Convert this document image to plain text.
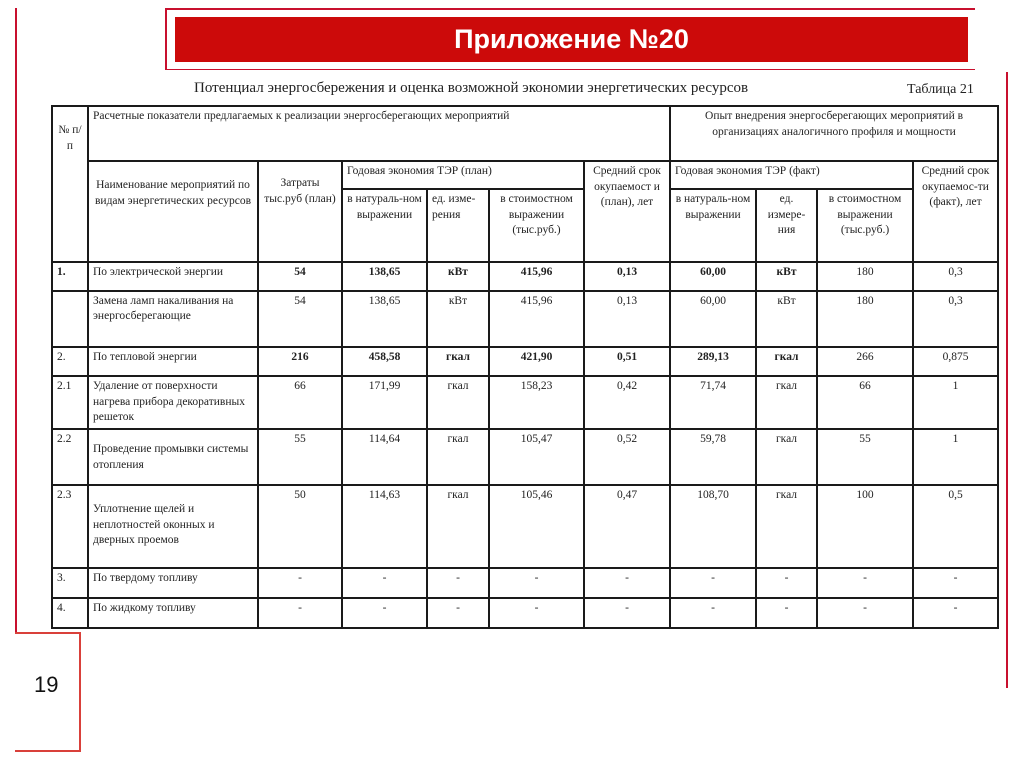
Приложение №20
Потенциал энергосбережения и оценка возможной экономии энергетических ресурсов	Таблица 21
№ п/п	Расчетные показатели предлагаемых к реализации энергосберегающих мероприятий						Опыт внедрения энергосберегающих мероприятий в организациях аналогичного профиля и мощности			
	Наименование мероприятий по видам энергетических ресурсов	Затраты тыс.руб (план)	Годовая экономия ТЭР (план)			Средний срок окупаемост и (план), лет	Годовая экономия ТЭР (факт)			Средний срок окупаемос-ти (факт), лет
			в натураль-ном выражении	ед. изме-рения	в стоимостном выражении (тыс.руб.)		в натураль-ном выражении	ед. измере-ния	в стоимостном выражении (тыс.руб.)	
1.	По электрической энергии	54	138,65	кВт	415,96	0,13	60,00	кВт	180	0,3
	Замена ламп накаливания на энергосберегающие	54	138,65	кВт	415,96	0,13	60,00	кВт	180	0,3
2.	По тепловой энергии	216	458,58	гкал	421,90	0,51	289,13	гкал	266	0,875
2.1	Удаление от поверхности нагрева прибора декоративных решеток	66	171,99	гкал	158,23	0,42	71,74	гкал	66	1
2.2	Проведение промывки системы отопления	55	114,64	гкал	105,47	0,52	59,78	гкал	55	1
2.3	Уплотнение щелей и неплотностей оконных и дверных проемов	50	114,63	гкал	105,46	0,47	108,70	гкал	100	0,5
3.	По твердому топливу	-	-	-	-	-	-	-	-	-
4.	По жидкому топливу	-	-	-	-	-	-	-	-	-
19
